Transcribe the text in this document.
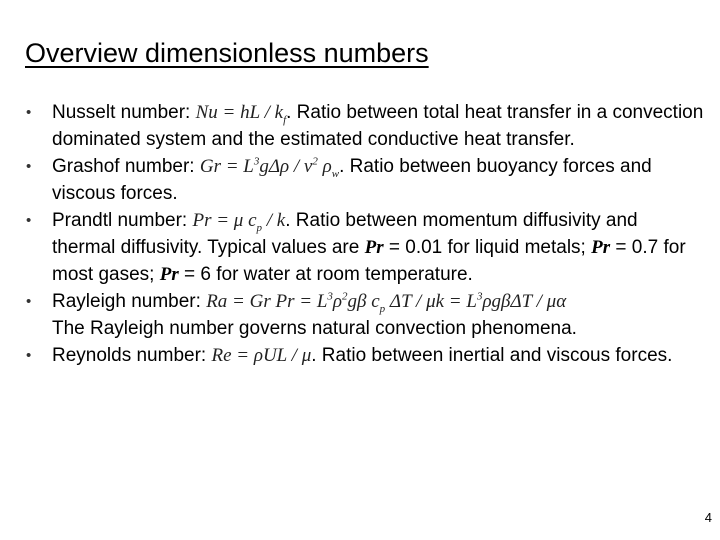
Overview dimensionless numbers
• Nusselt number: Nu = hL / $k_f$. Ratio between total heat transfer in a convection dominated system and the estimated conductive heat transfer.
• Grashof number: $Gr = L^3g\Delta\rho / \nu^2$ $\rho_w$. Ratio between buoyancy forces and viscous forces.
• Prandtl number: Pr = μ $c_p$ / k. Ratio between momentum diffusivity and thermal diffusivity. Typical values are Pr = 0.01 for liquid metals; Pr = 0.7 for most gases; Pr = 6 for water at room temperature.
• Rayleigh number: Ra = Gr $Pr = L^3\rho^2g\beta$ $c_p$ $\Delta T / \mu k = L^3\rho g\beta\Delta T / \mu\alpha$
The Rayleigh number governs natural convection phenomena.
• Reynolds number: Re = ρUL / μ. Ratio between inertial and viscous forces.
4
